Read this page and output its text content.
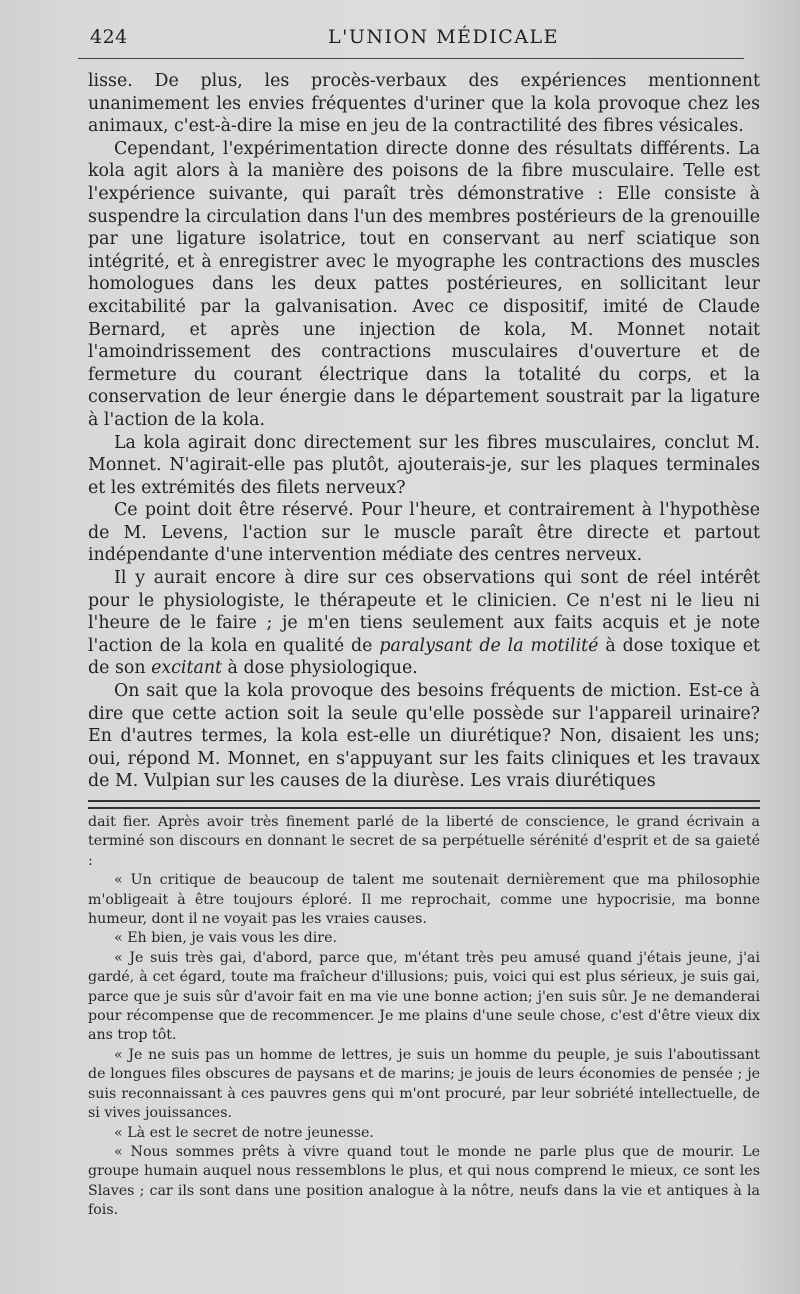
424	L'UNION MÉDICALE

lisse. De plus, les procès-verbaux des expériences mentionnent unanimement les envies fréquentes d'uriner que la kola provoque chez les animaux, c'est-à-dire la mise en jeu de la contractilité des fibres vésicales.

Cependant, l'expérimentation directe donne des résultats différents. La kola agit alors à la manière des poisons de la fibre musculaire. Telle est l'expérience suivante, qui paraît très démonstrative : Elle consiste à suspendre la circulation dans l'un des membres postérieurs de la grenouille par une ligature isolatrice, tout en conservant au nerf sciatique son intégrité, et à enregistrer avec le myographe les contractions des muscles homologues dans les deux pattes postérieures, en sollicitant leur excitabilité par la galvanisation. Avec ce dispositif, imité de Claude Bernard, et après une injection de kola, M. Monnet notait l'amoindrissement des contractions musculaires d'ouverture et de fermeture du courant électrique dans la totalité du corps, et la conservation de leur énergie dans le département soustrait par la ligature à l'action de la kola.

La kola agirait donc directement sur les fibres musculaires, conclut M. Monnet. N'agirait-elle pas plutôt, ajouterais-je, sur les plaques terminales et les extrémités des filets nerveux?

Ce point doit être réservé. Pour l'heure, et contrairement à l'hypothèse de M. Levens, l'action sur le muscle paraît être directe et partout indépendante d'une intervention médiate des centres nerveux.

Il y aurait encore à dire sur ces observations qui sont de réel intérêt pour le physiologiste, le thérapeute et le clinicien. Ce n'est ni le lieu ni l'heure de le faire ; je m'en tiens seulement aux faits acquis et je note l'action de la kola en qualité de paralysant de la motilité à dose toxique et de son excitant à dose physiologique.

On sait que la kola provoque des besoins fréquents de miction. Est-ce à dire que cette action soit la seule qu'elle possède sur l'appareil urinaire? En d'autres termes, la kola est-elle un diurétique? Non, disaient les uns; oui, répond M. Monnet, en s'appuyant sur les faits cliniques et les travaux de M. Vulpian sur les causes de la diurèse. Les vrais diurétiques

dait fier. Après avoir très finement parlé de la liberté de conscience, le grand écrivain a terminé son discours en donnant le secret de sa perpétuelle sérénité d'esprit et de sa gaieté :

« Un critique de beaucoup de talent me soutenait dernièrement que ma philosophie m'obligeait à être toujours éploré. Il me reprochait, comme une hypocrisie, ma bonne humeur, dont il ne voyait pas les vraies causes.

« Eh bien, je vais vous les dire.

« Je suis très gai, d'abord, parce que, m'étant très peu amusé quand j'étais jeune, j'ai gardé, à cet égard, toute ma fraîcheur d'illusions; puis, voici qui est plus sérieux, je suis gai, parce que je suis sûr d'avoir fait en ma vie une bonne action; j'en suis sûr. Je ne demanderai pour récompense que de recommencer. Je me plains d'une seule chose, c'est d'être vieux dix ans trop tôt.

« Je ne suis pas un homme de lettres, je suis un homme du peuple, je suis l'aboutissant de longues files obscures de paysans et de marins; je jouis de leurs économies de pensée ; je suis reconnaissant à ces pauvres gens qui m'ont procuré, par leur sobriété intellectuelle, de si vives jouissances.

« Là est le secret de notre jeunesse.

« Nous sommes prêts à vivre quand tout le monde ne parle plus que de mourir. Le groupe humain auquel nous ressemblons le plus, et qui nous comprend le mieux, ce sont les Slaves ; car ils sont dans une position analogue à la nôtre, neufs dans la vie et antiques à la fois.
